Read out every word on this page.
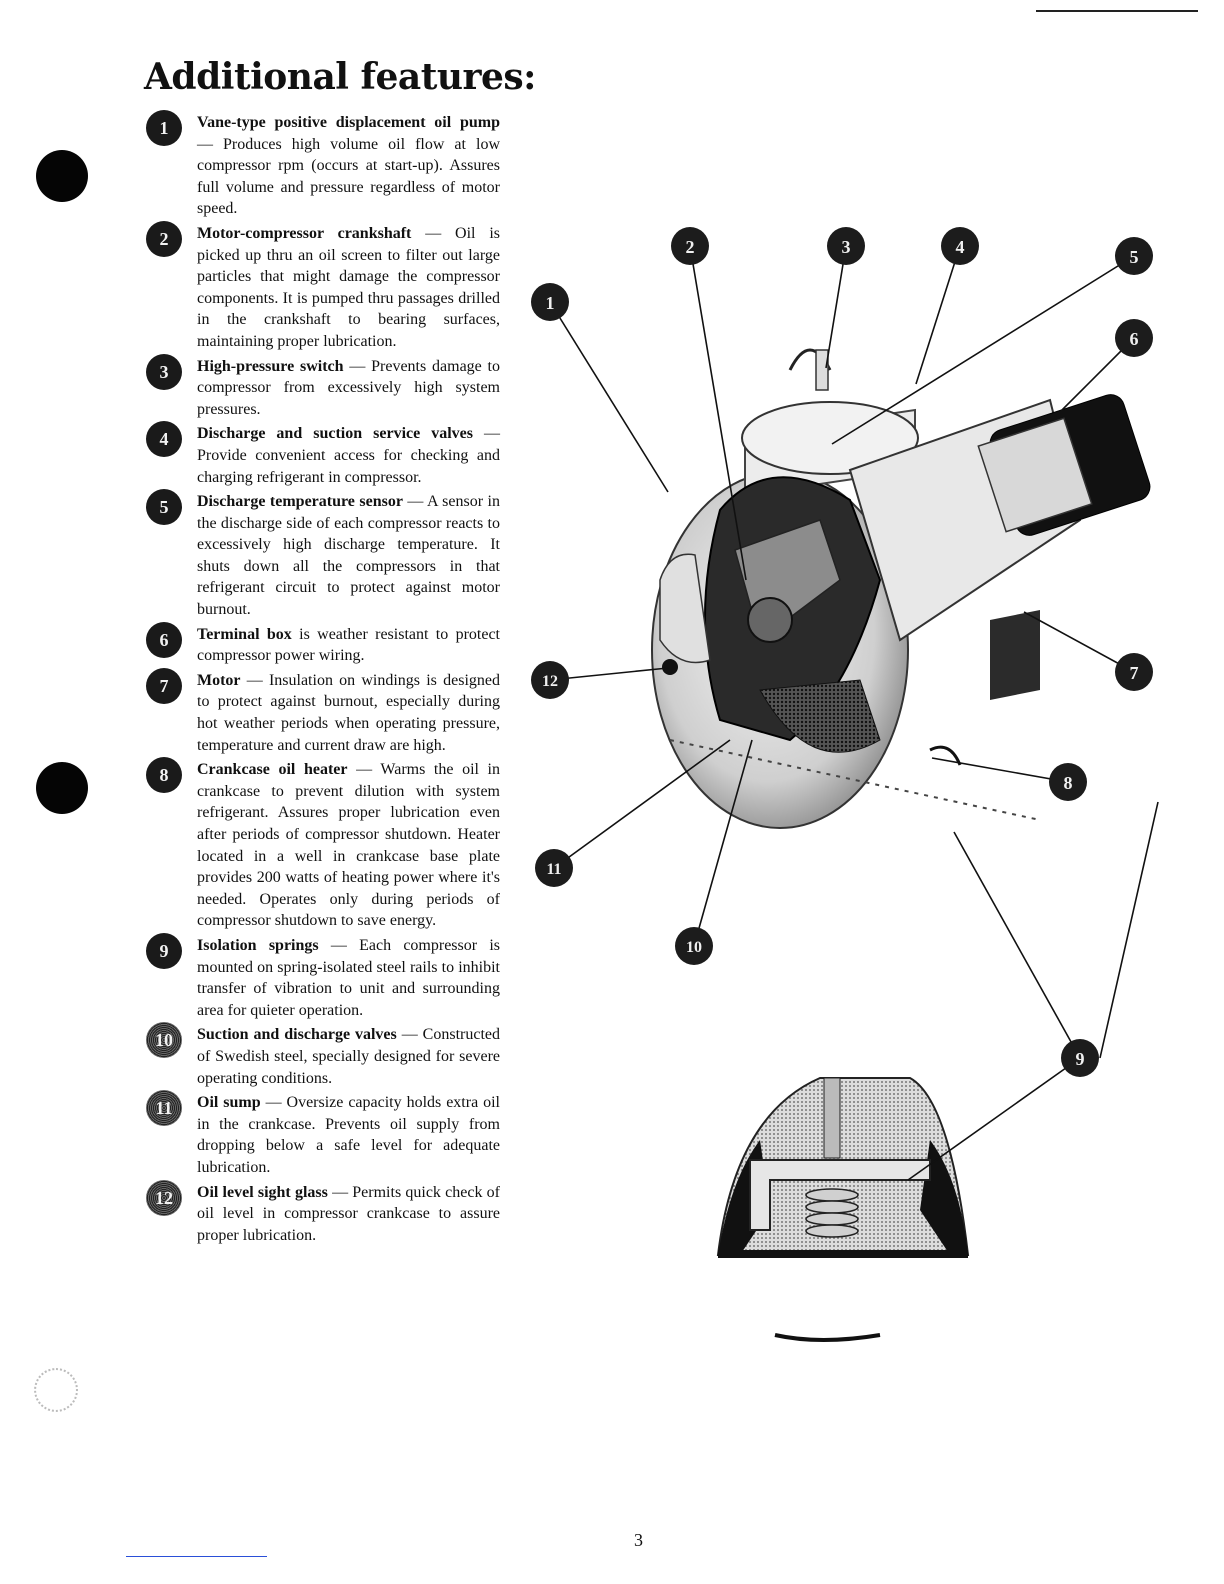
Additional features:
1	Vane-type positive displacement oil pump — Produces high volume oil flow at low compressor rpm (occurs at start-up). Assures full volume and pressure regardless of motor speed.
2	Motor-compressor crankshaft — Oil is picked up thru an oil screen to filter out large particles that might damage the compressor components. It is pumped thru passages drilled in the crankshaft to bearing surfaces, maintaining proper lubrication.
3	High-pressure switch — Prevents damage to compressor from excessively high system pressures.
4	Discharge and suction service valves — Provide convenient access for checking and charging refrigerant in compressor.
5	Discharge temperature sensor — A sensor in the discharge side of each compressor reacts to excessively high discharge temperature. It shuts down all the compressors in that refrigerant circuit to protect against motor burnout.
6	Terminal box is weather resistant to protect compressor power wiring.
7	Motor — Insulation on windings is designed to protect against burnout, especially during hot weather periods when operating pressure, temperature and current draw are high.
8	Crankcase oil heater — Warms the oil in crankcase to prevent dilution with system refrigerant. Assures proper lubrication even after periods of compressor shutdown. Heater located in a well in crankcase base plate provides 200 watts of heating power where it's needed. Operates only during periods of compressor shutdown to save energy.
9	Isolation springs — Each compressor is mounted on spring-isolated steel rails to inhibit transfer of vibration to unit and surrounding area for quieter operation.
10	Suction and discharge valves — Constructed of Swedish steel, specially designed for severe operating conditions.
11	Oil sump — Oversize capacity holds extra oil in the crankcase. Prevents oil supply from dropping below a safe level for adequate lubrication.
12	Oil level sight glass — Permits quick check of oil level in compressor crankcase to assure proper lubrication.
1
2	3	4	5
6
7
8
9
10
11
12
3
